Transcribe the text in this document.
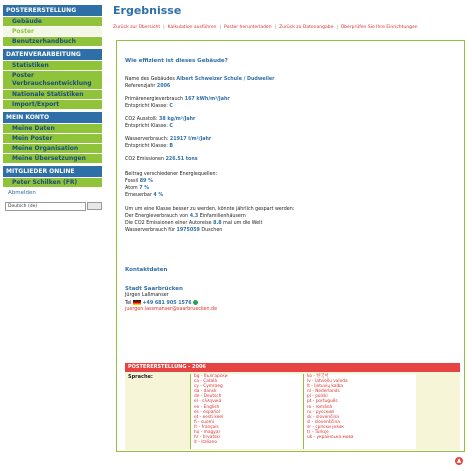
POSTERERSTELLUNG
Gebäude
Poster
Benutzerhandbuch
DATENVERARBEITUNG
Statistiken
Poster Verbrauchsentwicklung
Nationale Statistiken
Import/Export
MEIN KONTO
Meine Daten
Mein Poster
Meine Organisation
Meine Übersetzungen
MITGLIEDER ONLINE
Peter Schilken (FR)
Abmelden
Deutsch (de)
Ergebnisse
Zurück zur Übersicht | Kalkulation ausführen | Poster herunterladen | Zurück zu Datenangabe | Überprüfen Sie Ihre Einrichtungen
Wie effizient ist dieses Gebäude?
Name des Gebäudes Albert Schweizer Schule / Dudweiler
Referenzjahr 2006
Primärenergieverbrauch 167 kWh/m²/Jahr
Entspricht Klasse: C
CO2 Ausstoß: 38 kg/m²/Jahr
Entspricht Klasse: C
Wasserverbrauch: 21917 l/m²/Jahr
Entspricht Klasse: B
CO2 Emissionen 226.51 tons
Beitrag verschiedener Energiequellen:
Fossil 89 %
Atom 7 %
Erneuerbar 4 %
Um um eine Klasse besser zu werden, könnte jährlich gespart werden:
Der Energieverbrauch von 4.3 Einfamilienhäusern
Die CO2 Emissionen einer Autoreise 8.8 mal um die Welt
Wasserverbrauch für 1975059 Duschen
Kontaktdaten
Stadt Saarbrücken
Jürgen Laßmanser
Tel +49 681 905 1576
juergen.lassmanser@saarbruecken.de
POSTERERSTELLUNG - 2006
Sprache:	bg - български
ca - Català
cy - Cymraeg
da - dansk
de - Deutsch
el - ελληνικά
en - English
es - español
et - eesti keel
fi - suomi
fr - français
hu - magyar
hr - hrvatski
it - italiano
ko - 한국어
lv - latviešu valoda
lt - lietuvių kalba
nl - Nederlands
pl - polski
pt - português
ro - română
ru - русский
sk - slovenčina
sl - slovenščina
sr - српски језик
tr - Türkçe
uk - українська мова
▲
